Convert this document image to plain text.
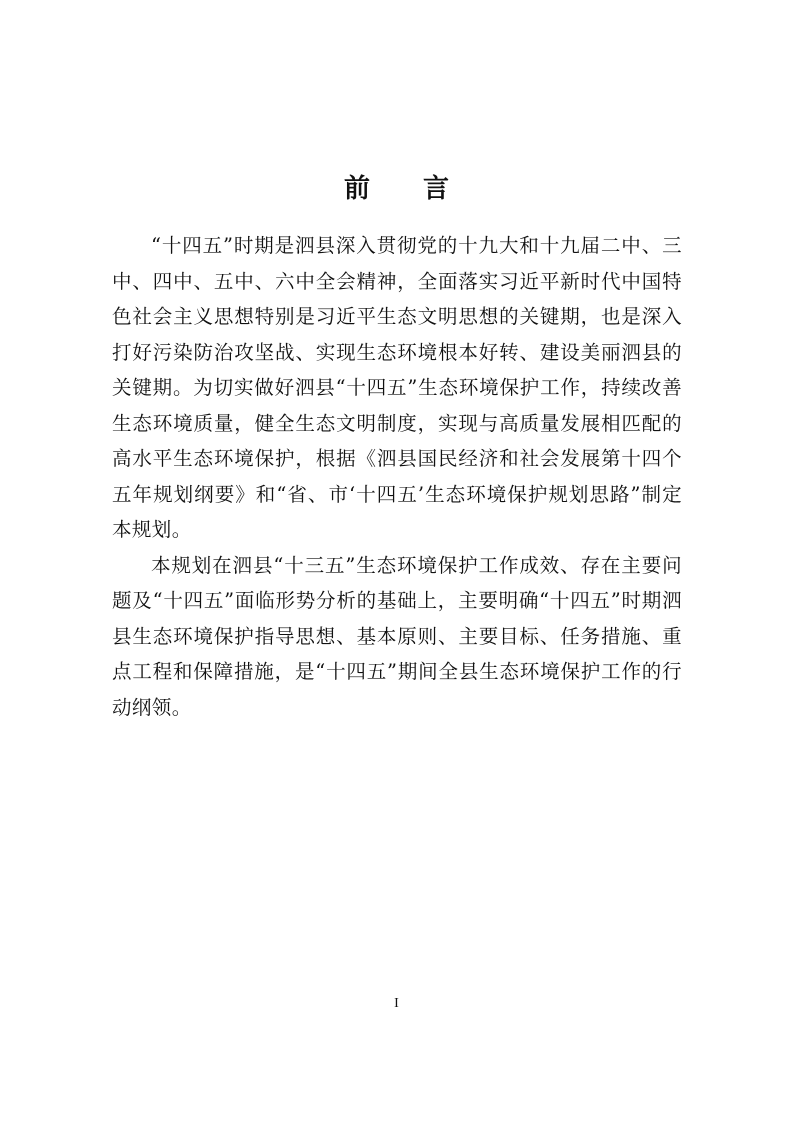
前 言

“十四五”时期是泗县深入贯彻党的十九大和十九届二中、三中、四中、五中、六中全会精神，全面落实习近平新时代中国特色社会主义思想特别是习近平生态文明思想的关键期，也是深入打好污染防治攻坚战、实现生态环境根本好转、建设美丽泗县的关键期。为切实做好泗县“十四五”生态环境保护工作，持续改善生态环境质量，健全生态文明制度，实现与高质量发展相匹配的高水平生态环境保护，根据《泗县国民经济和社会发展第十四个五年规划纲要》和“省、市‘十四五’生态环境保护规划思路”制定本规划。

本规划在泗县“十三五”生态环境保护工作成效、存在主要问题及“十四五”面临形势分析的基础上，主要明确“十四五”时期泗县生态环境保护指导思想、基本原则、主要目标、任务措施、重点工程和保障措施，是“十四五”期间全县生态环境保护工作的行动纲领。

I
